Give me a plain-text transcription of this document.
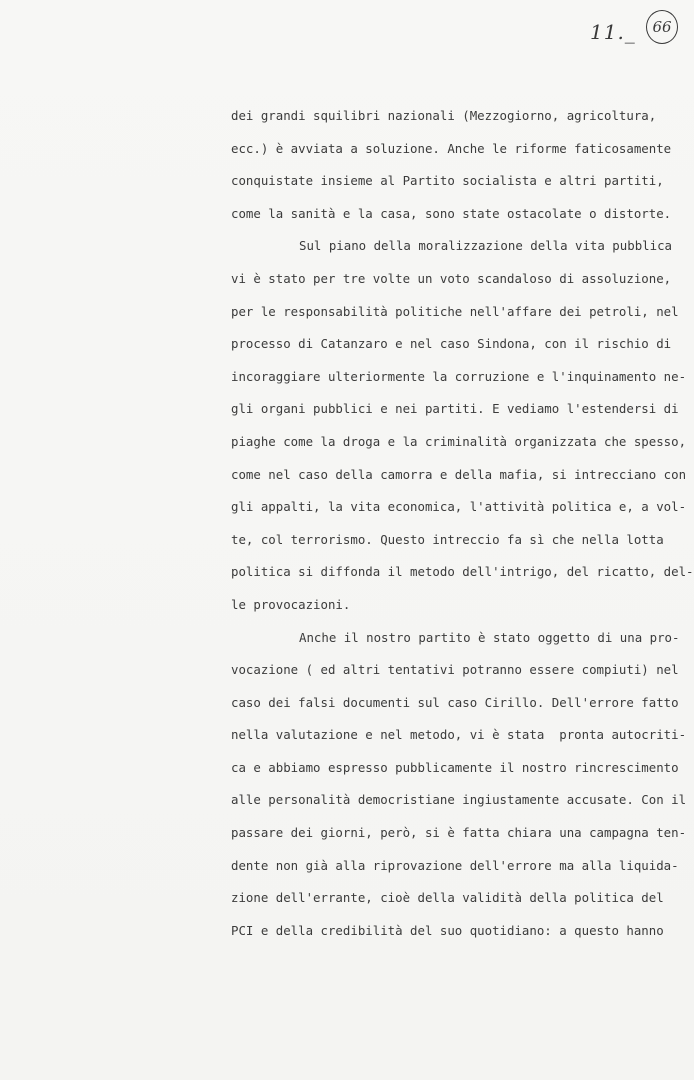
11._	66
dei grandi squilibri nazionali (Mezzogiorno, agricoltura,
ecc.) è avviata a soluzione. Anche le riforme faticosamente
conquistate insieme al Partito socialista e altri partiti,
come la sanità e la casa, sono state ostacolate o distorte.
Sul piano della moralizzazione della vita pubblica
vi è stato per tre volte un voto scandaloso di assoluzione,
per le responsabilità politiche nell'affare dei petroli, nel
processo di Catanzaro e nel caso Sindona, con il rischio di
incoraggiare ulteriormente la corruzione e l'inquinamento ne-
gli organi pubblici e nei partiti. E vediamo l'estendersi di
piaghe come la droga e la criminalità organizzata che spesso,
come nel caso della camorra e della mafia, si intrecciano con
gli appalti, la vita economica, l'attività politica e, a vol-
te, col terrorismo. Questo intreccio fa sì che nella lotta
politica si diffonda il metodo dell'intrigo, del ricatto, del-
le provocazioni.
Anche il nostro partito è stato oggetto di una pro-
vocazione ( ed altri tentativi potranno essere compiuti) nel
caso dei falsi documenti sul caso Cirillo. Dell'errore fatto
nella valutazione e nel metodo, vi è stata  pronta autocriti-
ca e abbiamo espresso pubblicamente il nostro rincrescimento
alle personalità democristiane ingiustamente accusate. Con il
passare dei giorni, però, si è fatta chiara una campagna ten-
dente non già alla riprovazione dell'errore ma alla liquida-
zione dell'errante, cioè della validità della politica del
PCI e della credibilità del suo quotidiano: a questo hanno
